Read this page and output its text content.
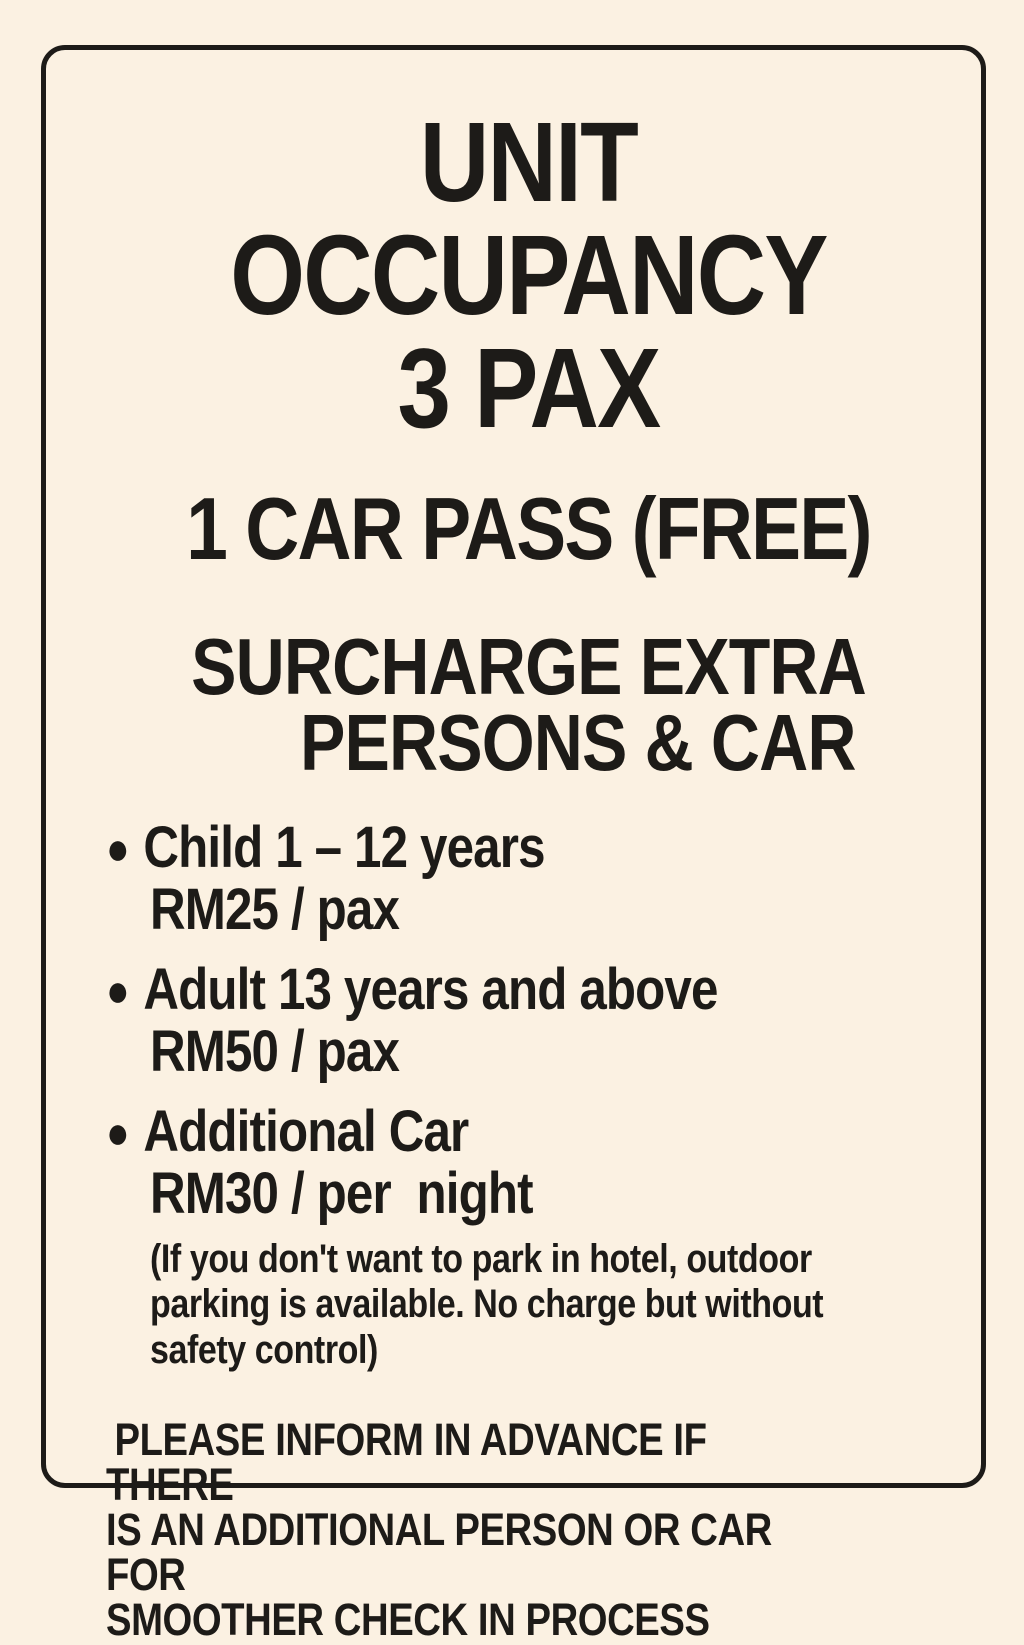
UNIT OCCUPANCY
3 PAX
1 CAR PASS (FREE)
SURCHARGE EXTRA
PERSONS & CAR
● Child 1 – 12 years
RM25 / pax
● Adult 13 years and above
RM50 / pax
● Additional Car
RM30 / per  night
(If you don't want to park in hotel, outdoor
parking is available. No charge but without
safety control)
PLEASE INFORM IN ADVANCE IF THERE
IS AN ADDITIONAL PERSON OR CAR FOR
SMOOTHER CHECK IN PROCESS
